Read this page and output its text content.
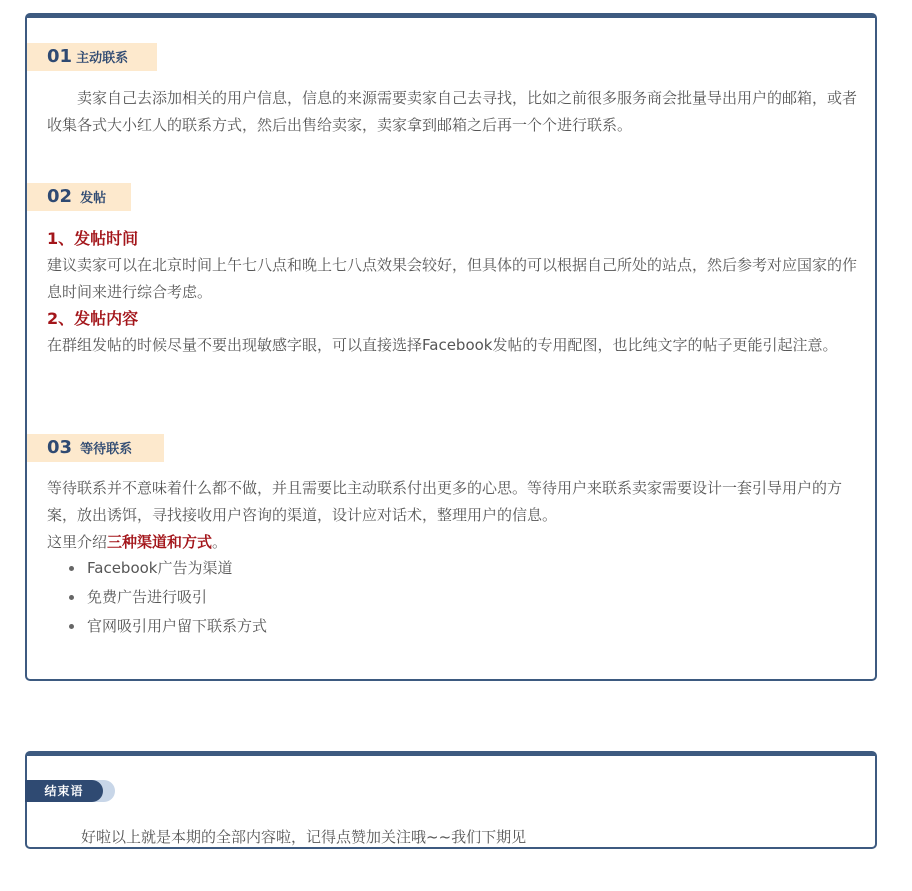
01 主动联系

卖家自己去添加相关的用户信息，信息的来源需要卖家自己去寻找，比如之前很多服务商会批量导出用户的邮箱，或者收集各式大小红人的联系方式，然后出售给卖家，卖家拿到邮箱之后再一个个进行联系。

02 发帖

1、发帖时间

建议卖家可以在北京时间上午七八点和晚上七八点效果会较好，但具体的可以根据自己所处的站点，然后参考对应国家的作息时间来进行综合考虑。

2、发帖内容

在群组发帖的时候尽量不要出现敏感字眼，可以直接选择Facebook发帖的专用配图，也比纯文字的帖子更能引起注意。

03 等待联系

等待联系并不意味着什么都不做，并且需要比主动联系付出更多的心思。等待用户来联系卖家需要设计一套引导用户的方案，放出诱饵，寻找接收用户咨询的渠道，设计应对话术，整理用户的信息。

这里介绍三种渠道和方式。

Facebook广告为渠道
免费广告进行吸引
官网吸引用户留下联系方式
结束语

好啦以上就是本期的全部内容啦，记得点赞加关注哦~~我们下期见
